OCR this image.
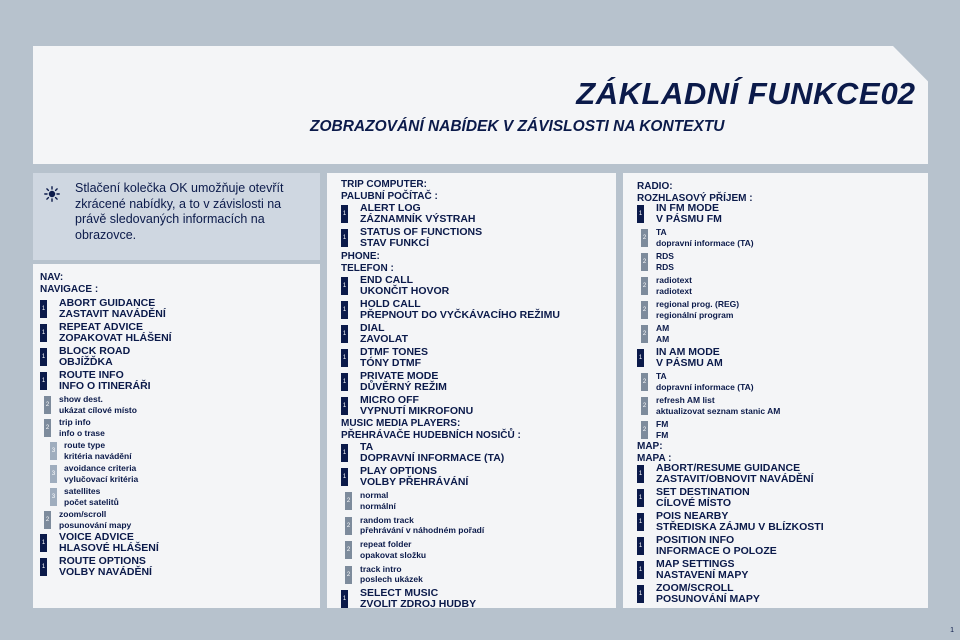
ZÁKLADNÍ FUNKCE 02
ZOBRAZOVÁNÍ NABÍDEK V ZÁVISLOSTI NA KONTEXTU
Stlačení kolečka OK umožňuje otevřít zkrácené nabídky, a to v závislosti na právě sledovaných informacích na obrazovce.
NAV:
NAVIGACE :
1 ABORT GUIDANCE
ZASTAVIT NAVÁDĚNÍ
1 REPEAT ADVICE
ZOPAKOVAT HLÁŠENÍ
1 BLOCK ROAD
OBJÍŽĎKA
1 ROUTE INFO
INFO O ITINERÁŘI
2
show dest.
ukázat cílové místo
2
trip info
info o trase
3
route type
kritéria navádění
3
avoidance criteria
vylučovací kritéria
3
satellites
počet satelitů
2
zoom/scroll
posunování mapy
1 VOICE ADVICE
HLASOVÉ HLÁŠENÍ
1 ROUTE OPTIONS
VOLBY NAVÁDĚNÍ
TRIP COMPUTER:
PALUBNÍ POČÍTAČ :
1 ALERT LOG
ZÁZNAMNÍK VÝSTRAH
1 STATUS OF FUNCTIONS
STAV FUNKCÍ
PHONE:
TELEFON :
1 END CALL
UKONČIT HOVOR
1 HOLD CALL
PŘEPNOUT DO VYČKÁVACÍHO REŽIMU
1 DIAL
ZAVOLAT
1 DTMF TONES
TÓNY DTMF
1 PRIVATE MODE
DŮVĚRNÝ REŽIM
1 MICRO OFF
VYPNUTÍ MIKROFONU
MUSIC MEDIA PLAYERS:
PŘEHRÁVAČE HUDEBNÍCH NOSIČŮ :
1 TA
DOPRAVNÍ INFORMACE (TA)
1 PLAY OPTIONS
VOLBY PŘEHRÁVÁNÍ
2
normal
normální
2
random track
přehrávání v náhodném pořadí
2
repeat folder
opakovat složku
2
track intro
poslech ukázek
1 SELECT MUSIC
ZVOLIT ZDROJ HUDBY
RADIO:
ROZHLASOVÝ PŘÍJEM :
1 IN FM MODE
V PÁSMU FM
2
TA
dopravní informace (TA)
2
RDS
RDS
2
radiotext
radiotext
2
regional prog. (REG)
regionální program
2
AM
AM
1 IN AM MODE
V PÁSMU AM
2
TA
dopravní informace (TA)
2
refresh AM list
aktualizovat seznam stanic AM
2
FM
FM
MAP:
MAPA :
1 ABORT/RESUME GUIDANCE
ZASTAVIT/OBNOVIT NAVÁDĚNÍ
1 SET DESTINATION
CÍLOVÉ MÍSTO
1 POIS NEARBY
STŘEDISKA ZÁJMU V BLÍZKOSTI
1 POSITION INFO
INFORMACE O POLOZE
1 MAP SETTINGS
NASTAVENÍ MAPY
1 ZOOM/SCROLL
POSUNOVÁNÍ MAPY
1
